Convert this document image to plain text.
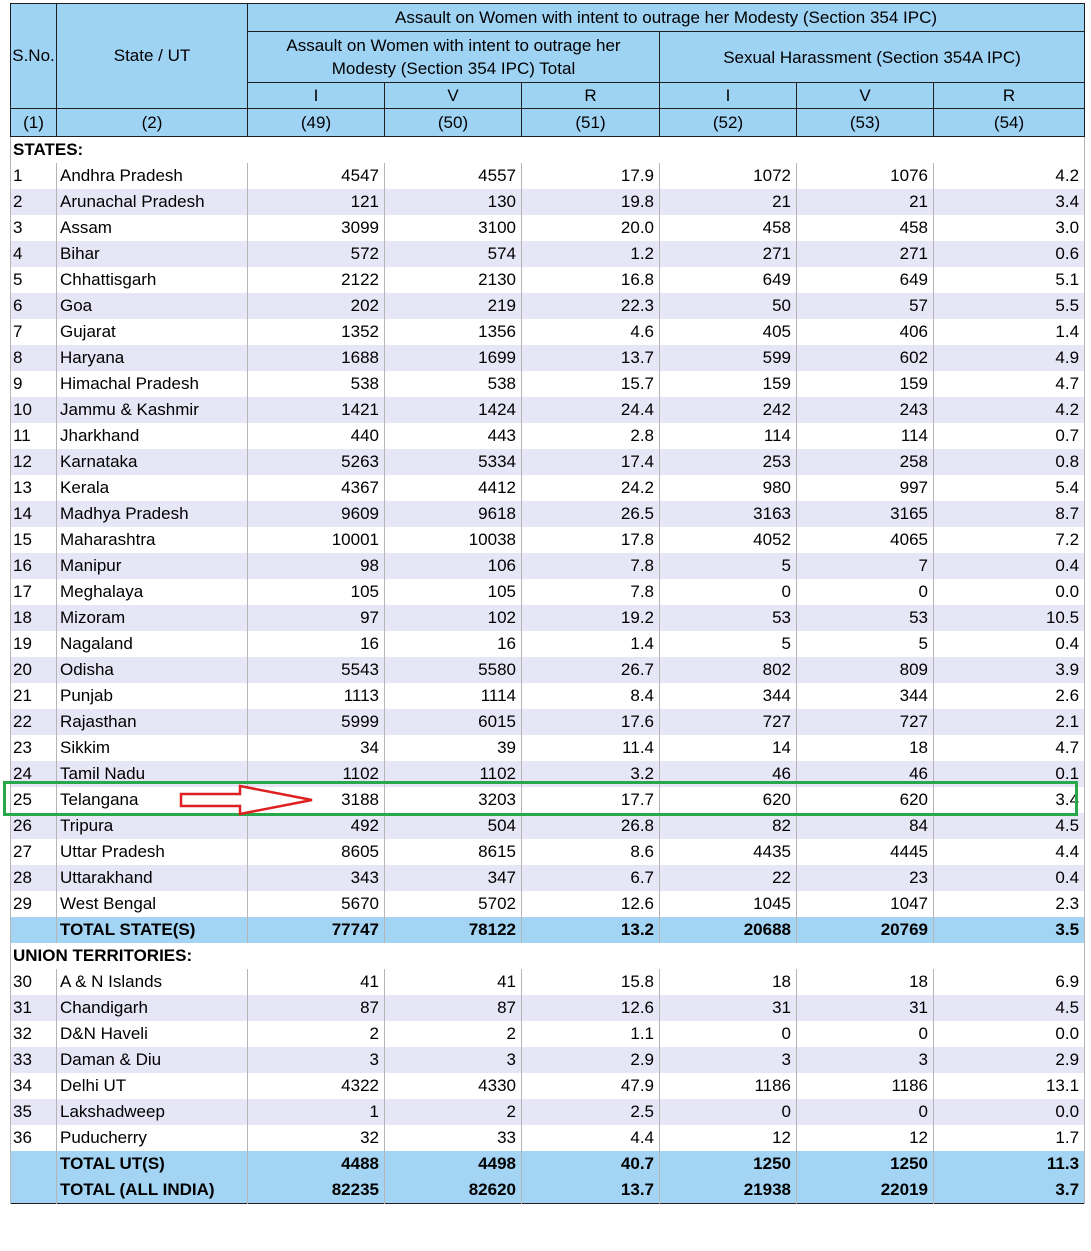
S.No.	State / UT	Assault on Women with intent to outrage her Modesty (Section 354 IPC)					
		Assault on Women with intent to outrage her Modesty (Section 354 IPC) Total			Sexual Harassment (Section 354A IPC)		
		I	V	R	I	V	R
(1)	(2)	(49)	(50)	(51)	(52)	(53)	(54)
STATES:							
1	Andhra Pradesh	4547	4557	17.9	1072	1076	4.2
2	Arunachal Pradesh	121	130	19.8	21	21	3.4
3	Assam	3099	3100	20.0	458	458	3.0
4	Bihar	572	574	1.2	271	271	0.6
5	Chhattisgarh	2122	2130	16.8	649	649	5.1
6	Goa	202	219	22.3	50	57	5.5
7	Gujarat	1352	1356	4.6	405	406	1.4
8	Haryana	1688	1699	13.7	599	602	4.9
9	Himachal Pradesh	538	538	15.7	159	159	4.7
10	Jammu & Kashmir	1421	1424	24.4	242	243	4.2
11	Jharkhand	440	443	2.8	114	114	0.7
12	Karnataka	5263	5334	17.4	253	258	0.8
13	Kerala	4367	4412	24.2	980	997	5.4
14	Madhya Pradesh	9609	9618	26.5	3163	3165	8.7
15	Maharashtra	10001	10038	17.8	4052	4065	7.2
16	Manipur	98	106	7.8	5	7	0.4
17	Meghalaya	105	105	7.8	0	0	0.0
18	Mizoram	97	102	19.2	53	53	10.5
19	Nagaland	16	16	1.4	5	5	0.4
20	Odisha	5543	5580	26.7	802	809	3.9
21	Punjab	1113	1114	8.4	344	344	2.6
22	Rajasthan	5999	6015	17.6	727	727	2.1
23	Sikkim	34	39	11.4	14	18	4.7
24	Tamil Nadu	1102	1102	3.2	46	46	0.1
25	Telangana	3188	3203	17.7	620	620	3.4
26	Tripura	492	504	26.8	82	84	4.5
27	Uttar Pradesh	8605	8615	8.6	4435	4445	4.4
28	Uttarakhand	343	347	6.7	22	23	0.4
29	West Bengal	5670	5702	12.6	1045	1047	2.3
	TOTAL STATE(S)	77747	78122	13.2	20688	20769	3.5
UNION TERRITORIES:							
30	A & N Islands	41	41	15.8	18	18	6.9
31	Chandigarh	87	87	12.6	31	31	4.5
32	D&N Haveli	2	2	1.1	0	0	0.0
33	Daman & Diu	3	3	2.9	3	3	2.9
34	Delhi UT	4322	4330	47.9	1186	1186	13.1
35	Lakshadweep	1	2	2.5	0	0	0.0
36	Puducherry	32	33	4.4	12	12	1.7
	TOTAL UT(S)	4488	4498	40.7	1250	1250	11.3
	TOTAL (ALL INDIA)	82235	82620	13.7	21938	22019	3.7
